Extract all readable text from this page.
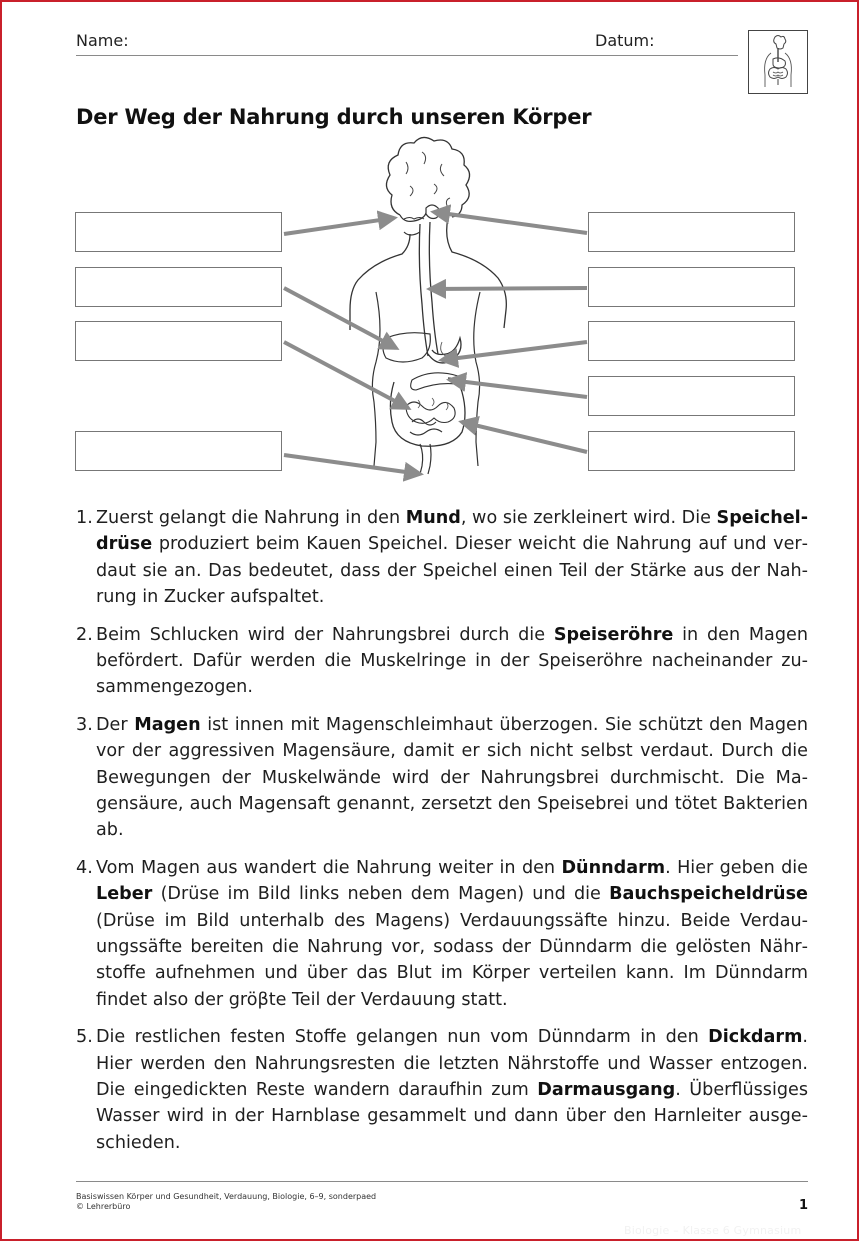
Name:	Datum:
Der Weg der Nahrung durch unseren Körper
1. Zuerst gelangt die Nahrung in den Mund, wo sie zerkleinert wird. Die Speicheldrüse produziert beim Kauen Speichel. Dieser weicht die Nahrung auf und verdaut sie an. Das bedeutet, dass der Speichel einen Teil der Stärke aus der Nahrung in Zucker aufspaltet.
2. Beim Schlucken wird der Nahrungsbrei durch die Speiseröhre in den Magen befördert. Dafür werden die Muskelringe in der Speiseröhre nacheinander zusammengezogen.
3. Der Magen ist innen mit Magenschleimhaut überzogen. Sie schützt den Magen vor der aggressiven Magensäure, damit er sich nicht selbst verdaut. Durch die Bewegungen der Muskelwände wird der Nahrungsbrei durchmischt. Die Magensäure, auch Magensaft genannt, zersetzt den Speisebrei und tötet Bakterien ab.
4. Vom Magen aus wandert die Nahrung weiter in den Dünndarm. Hier geben die Leber (Drüse im Bild links neben dem Magen) und die Bauchspeicheldrüse (Drüse im Bild unterhalb des Magens) Verdauungssäfte hinzu. Beide Verdauungssäfte bereiten die Nahrung vor, sodass der Dünndarm die gelösten Nährstoffe aufnehmen und über das Blut im Körper verteilen kann. Im Dünndarm findet also der gröβte Teil der Verdauung statt.
5. Die restlichen festen Stoffe gelangen nun vom Dünndarm in den Dickdarm. Hier werden den Nahrungsresten die letzten Nährstoffe und Wasser entzogen. Die eingedickten Reste wandern daraufhin zum Darmausgang. Überflüssiges Wasser wird in der Harnblase gesammelt und dann über den Harnleiter ausgeschieden.
Basiswissen Körper und Gesundheit, Verdauung, Biologie, 6–9, sonderpaed
© Lehrerbüro	1
Biologie – Klasse 6 Gymnasium
